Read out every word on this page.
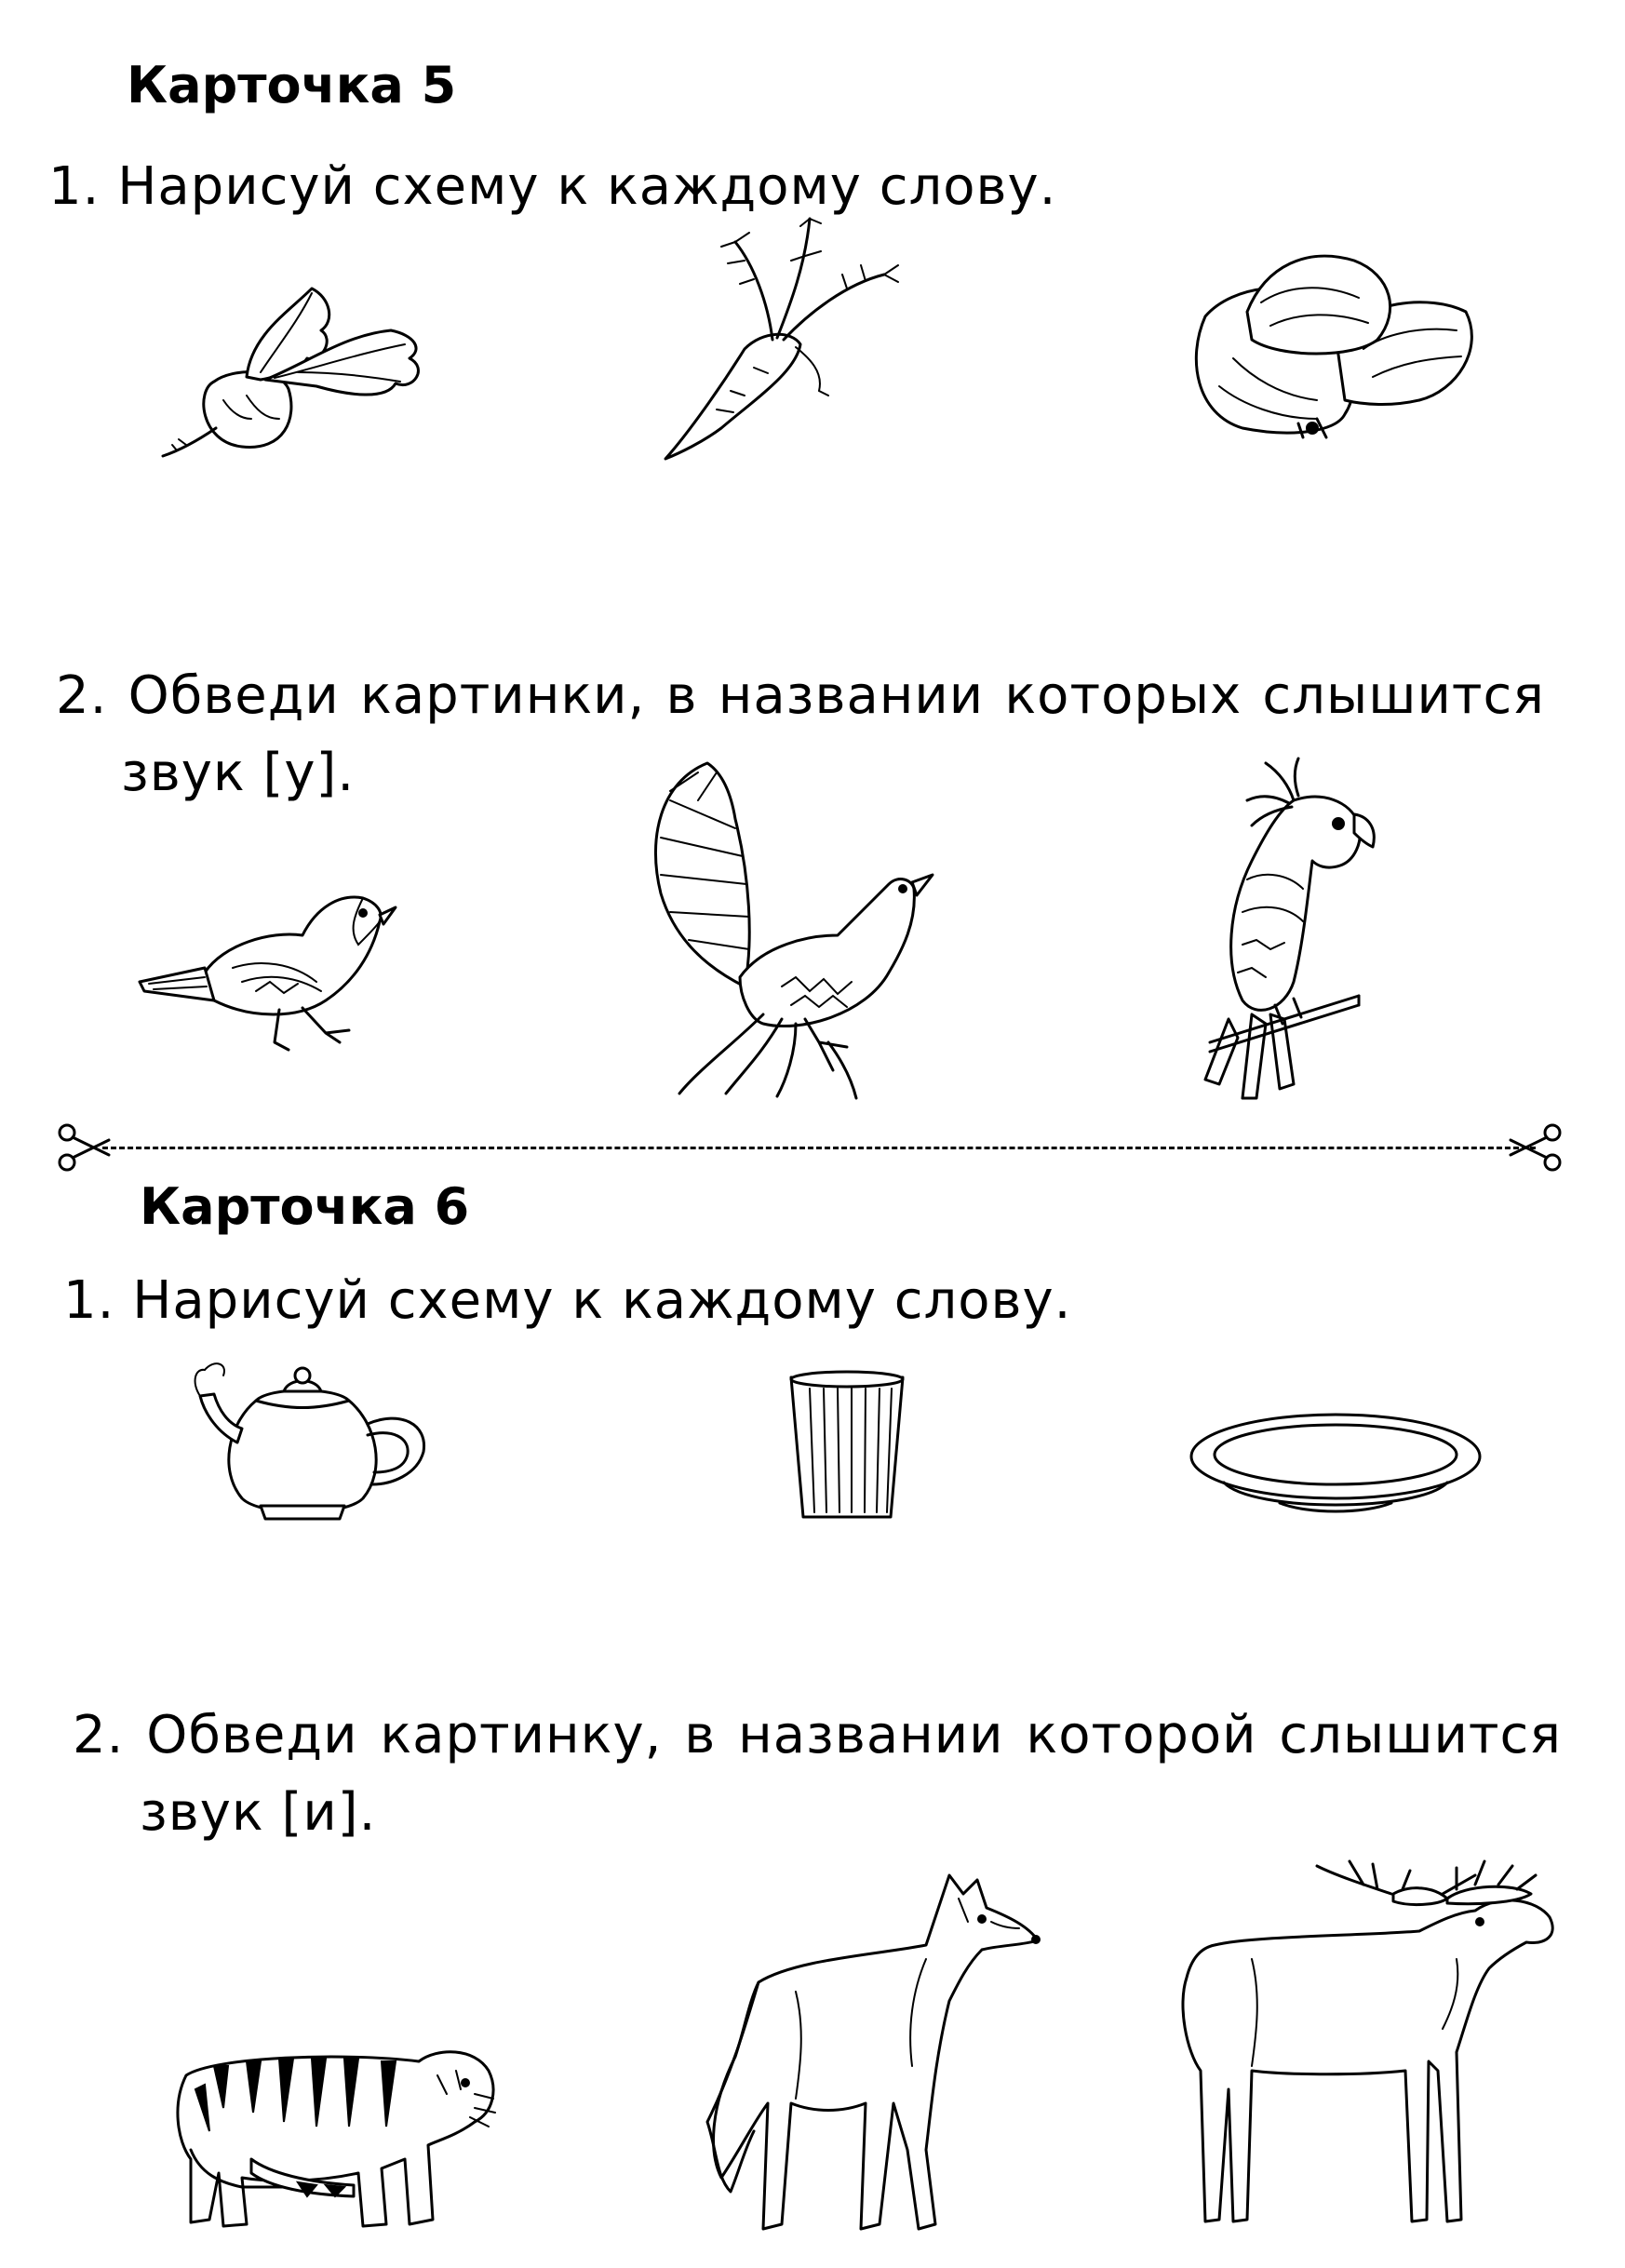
Карточка 5
1. Нарисуй схему к каждому слову.
2. Обведи картинки, в названии которых слышится
звук [у].
Карточка 6
1. Нарисуй схему к каждому слову.
2. Обведи картинку, в названии которой слышится
звук [и].
